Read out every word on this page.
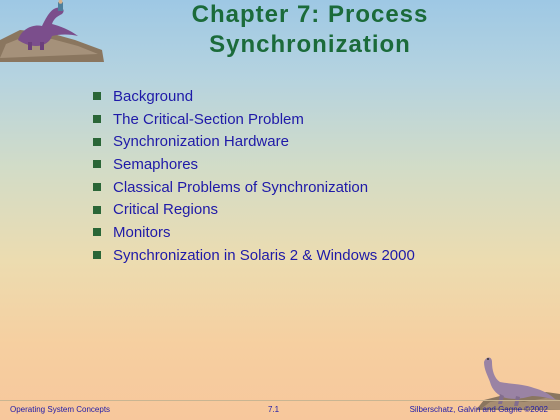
Chapter 7: Process
Synchronization
Background
The Critical-Section Problem
Synchronization Hardware
Semaphores
Classical Problems of Synchronization
Critical Regions
Monitors
Synchronization in Solaris 2 & Windows 2000
Operating System Concepts	7.1	Silberschatz, Galvin and Gagne ©2002
